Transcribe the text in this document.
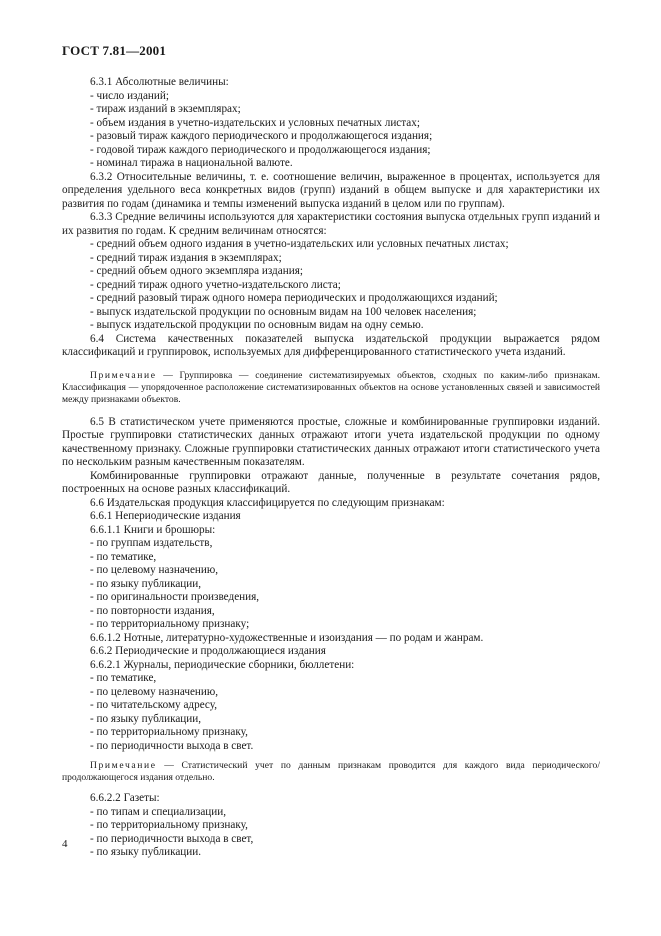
ГОСТ 7.81—2001

6.3.1 Абсолютные величины:

- число изданий;

- тираж изданий в экземплярах;

- объем издания в учетно-издательских и условных печатных листах;

- разовый тираж каждого периодического и продолжающегося издания;

- годовой тираж каждого периодического и продолжающегося издания;

- номинал тиража в национальной валюте.

6.3.2 Относительные величины, т. е. соотношение величин, выраженное в процентах, используется для определения удельного веса конкретных видов (групп) изданий в общем выпуске и для характеристики их развития по годам (динамика и темпы изменений выпуска изданий в целом или по группам).

6.3.3 Средние величины используются для характеристики состояния выпуска отдельных групп изданий и их развития по годам. К средним величинам относятся:

- средний объем одного издания в учетно-издательских или условных печатных листах;

- средний тираж издания в экземплярах;

- средний объем одного экземпляра издания;

- средний тираж одного учетно-издательского листа;

- средний разовый тираж одного номера периодических и продолжающихся изданий;

- выпуск издательской продукции по основным видам на 100 человек населения;

- выпуск издательской продукции по основным видам на одну семью.

6.4 Система качественных показателей выпуска издательской продукции выражается рядом классификаций и группировок, используемых для дифференцированного статистического учета изданий.

Примечание — Группировка — соединение систематизируемых объектов, сходных по каким-либо признакам. Классификация — упорядоченное расположение систематизированных объектов на основе установленных связей и зависимостей между признаками объектов.

6.5 В статистическом учете применяются простые, сложные и комбинированные группировки изданий. Простые группировки статистических данных отражают итоги учета издательской продукции по одному качественному признаку. Сложные группировки статистических данных отражают итоги статистического учета по нескольким разным качественным показателям.

Комбинированные группировки отражают данные, полученные в результате сочетания рядов, построенных на основе разных классификаций.

6.6 Издательская продукция классифицируется по следующим признакам:

6.6.1 Непериодические издания

6.6.1.1 Книги и брошюры:

- по группам издательств,

- по тематике,

- по целевому назначению,

- по языку публикации,

- по оригинальности произведения,

- по повторности издания,

- по территориальному признаку;

6.6.1.2 Нотные, литературно-художественные и изоиздания — по родам и жанрам.

6.6.2 Периодические и продолжающиеся издания

6.6.2.1 Журналы, периодические сборники, бюллетени:

- по тематике,

- по целевому назначению,

- по читательскому адресу,

- по языку публикации,

- по территориальному признаку,

- по периодичности выхода в свет.

Примечание — Статистический учет по данным признакам проводится для каждого вида периодического/продолжающегося издания отдельно.

6.6.2.2 Газеты:

- по типам и специализации,

- по территориальному признаку,

- по периодичности выхода в свет,

- по языку публикации.

4
